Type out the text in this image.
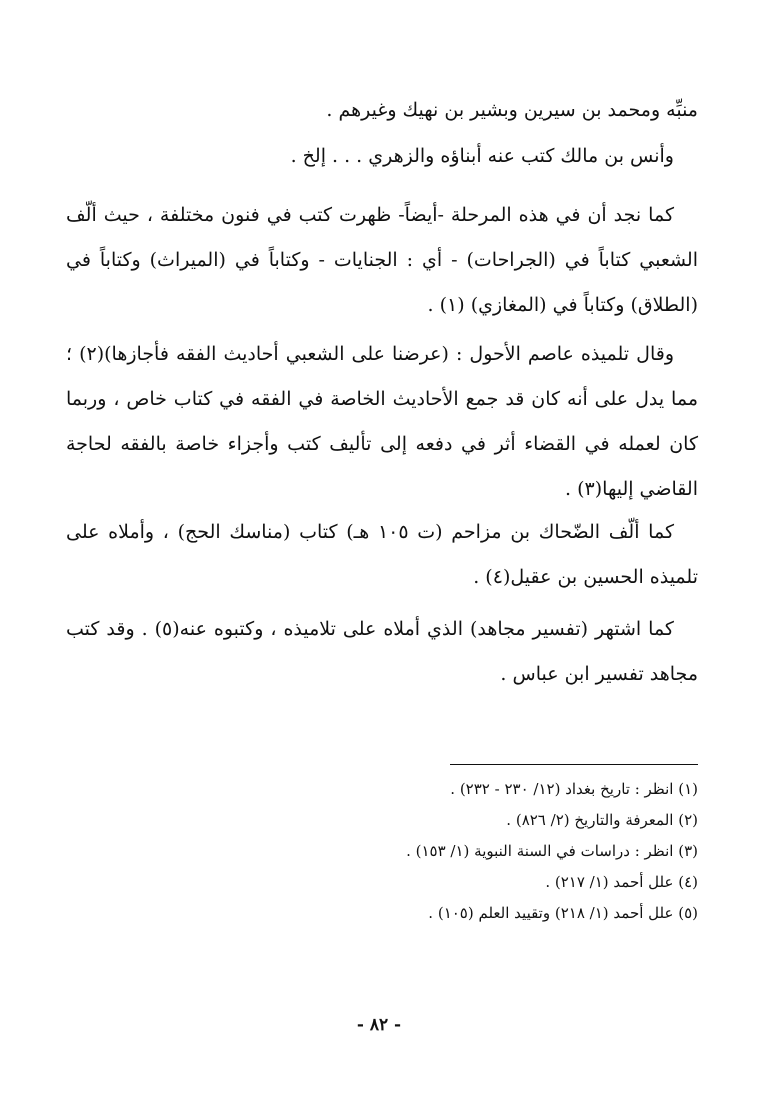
منبِّه ومحمد بن سيرين وبشير بن نهيك وغيرهم .

وأنس بن مالك كتب عنه أبناؤه والزهري . . . إلخ .

كما نجد أن في هذه المرحلة -أيضاً- ظهرت كتب في فنون مختلفة ، حيث ألّف الشعبي كتاباً في (الجراحات) - أي : الجنايات - وكتاباً في (الميراث) وكتاباً في (الطلاق) وكتاباً في (المغازي) (١) .

وقال تلميذه عاصم الأحول : (عرضنا على الشعبي أحاديث الفقه فأجازها)(٢) ؛ مما يدل على أنه كان قد جمع الأحاديث الخاصة في الفقه في كتاب خاص ، وربما كان لعمله في القضاء أثر في دفعه إلى تأليف كتب وأجزاء خاصة بالفقه لحاجة القاضي إليها(٣) .

كما ألّف الضّحاك بن مزاحم (ت ١٠٥ هـ) كتاب (مناسك الحج) ، وأملاه على تلميذه الحسين بن عقيل(٤) .

كما اشتهر (تفسير مجاهد) الذي أملاه على تلاميذه ، وكتبوه عنه(٥) . وقد كتب مجاهد تفسير ابن عباس .

(١) انظر : تاريخ بغداد (١٢/ ٢٣٠ - ٢٣٢) .

(٢) المعرفة والتاريخ (٢/ ٨٢٦) .

(٣) انظر : دراسات في السنة النبوية (١/ ١٥٣) .

(٤) علل أحمد (١/ ٢١٧) .

(٥) علل أحمد (١/ ٢١٨) وتقييد العلم (١٠٥) .

- ٨٢ -
